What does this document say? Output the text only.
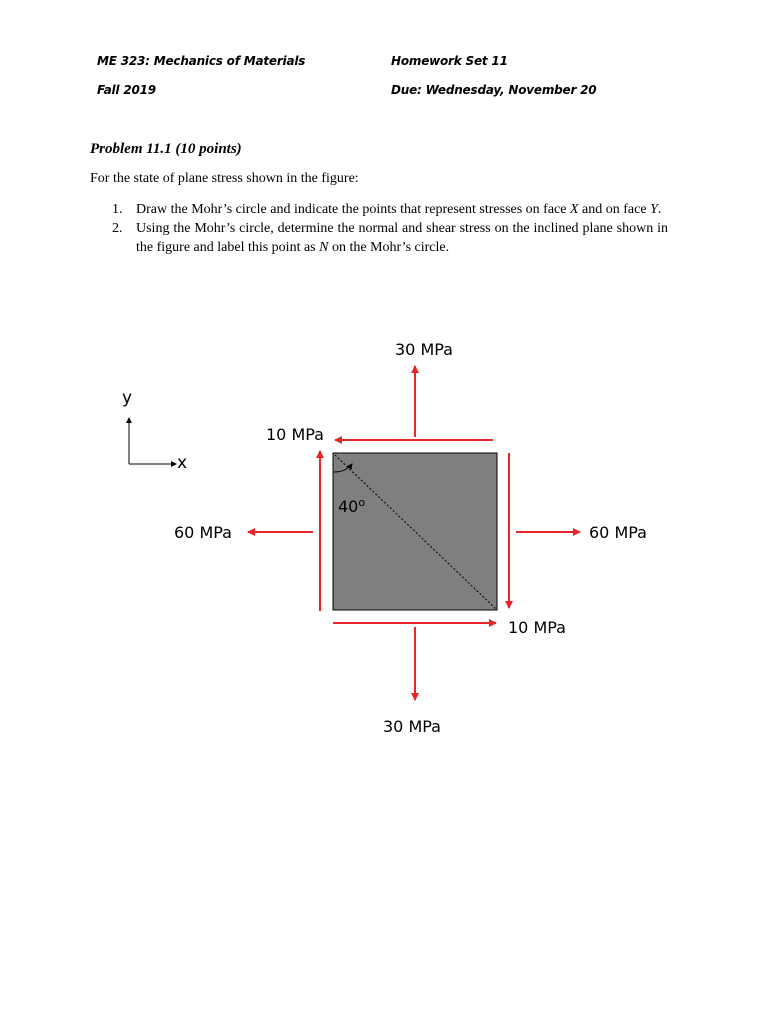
ME 323: Mechanics of Materials
Fall 2019
Homework Set 11
Due: Wednesday, November 20
Problem 11.1 (10 points)
For the state of plane stress shown in the figure:
1. Draw the Mohr’s circle and indicate the points that represent stresses on face X and on face Y.
2. Using the Mohr’s circle, determine the normal and shear stress on the inclined plane shown in the figure and label this point as N on the Mohr’s circle.
y
x
40$^o$
30 MPa
30 MPa
60 MPa	60 MPa
10 MPa
10 MPa
